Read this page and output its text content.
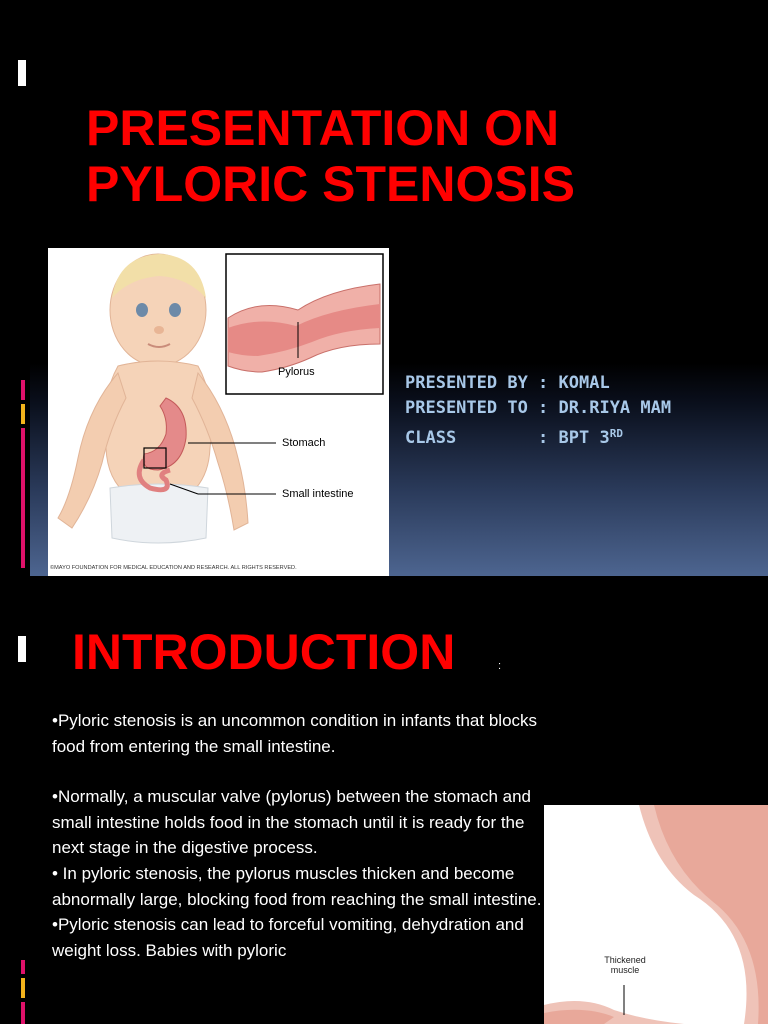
PRESENTATION ON PYLORIC STENOSIS
Pylorus
Stomach
Small intestine
©MAYO FOUNDATION FOR MEDICAL EDUCATION AND RESEARCH. ALL RIGHTS RESERVED.
PRESENTED BY : KOMAL
PRESENTED TO : DR.RIYA MAM
CLASS        : BPT 3RD
INTRODUCTION	:

•Pyloric stenosis is an uncommon condition in infants that blocks food from entering the small intestine.

•Normally, a muscular valve (pylorus) between the stomach and small intestine holds food in the stomach until it is ready for the next stage in the digestive process.

• In pyloric stenosis, the pylorus muscles thicken and become abnormally large, blocking food from reaching the small intestine.

•Pyloric stenosis can lead to forceful vomiting, dehydration and weight loss. Babies with pyloric

Thickened muscle
